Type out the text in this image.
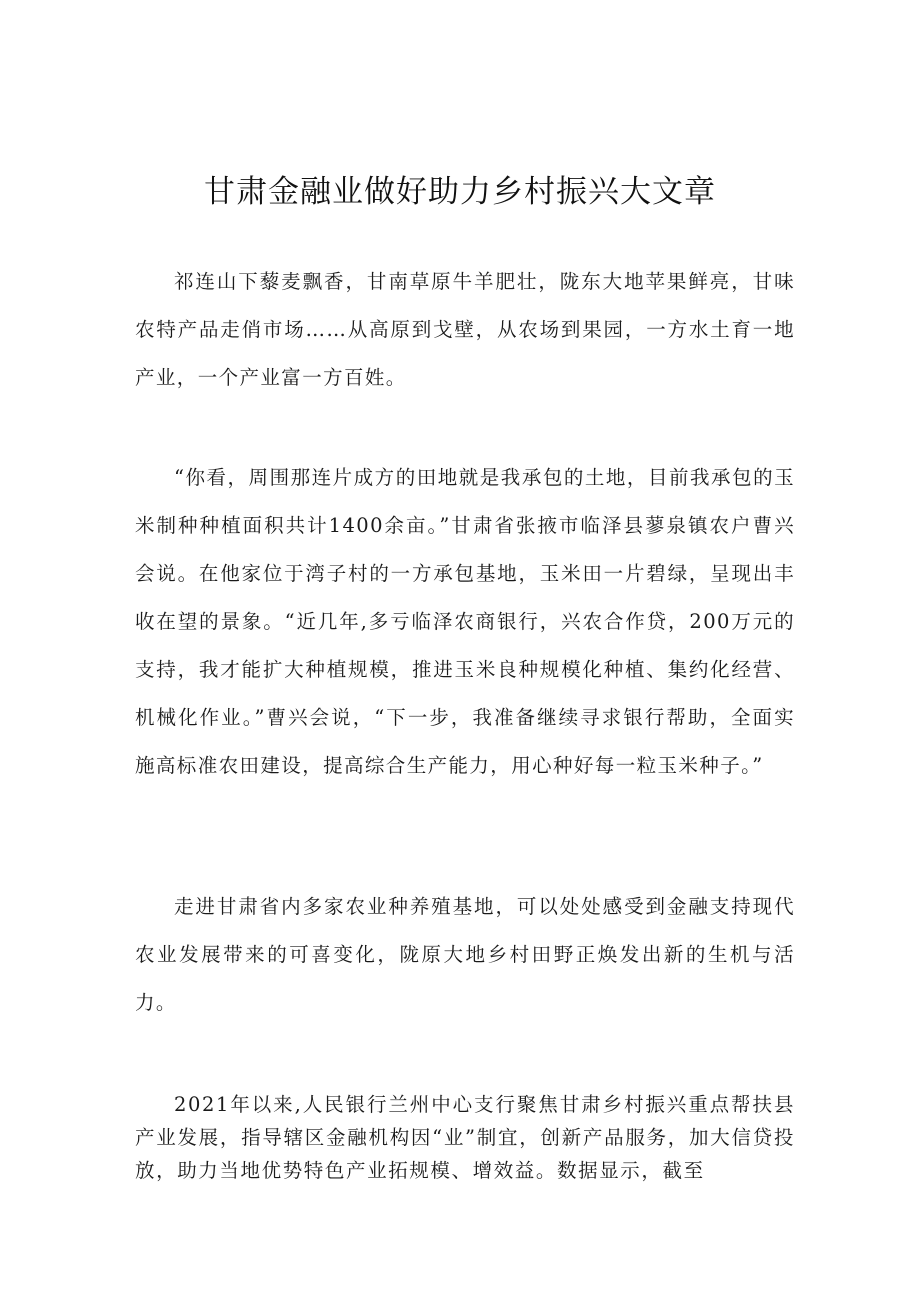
甘肃金融业做好助力乡村振兴大文章

祁连山下藜麦飘香，甘南草原牛羊肥壮，陇东大地苹果鲜亮，甘味农特产品走俏市场……从高原到戈壁，从农场到果园，一方水土育一地产业，一个产业富一方百姓。

“你看，周围那连片成方的田地就是我承包的土地，目前我承包的玉米制种种植面积共计1400余亩。”甘肃省张掖市临泽县蓼泉镇农户曹兴会说。在他家位于湾子村的一方承包基地，玉米田一片碧绿，呈现出丰收在望的景象。“近几年,多亏临泽农商银行，兴农合作贷，200万元的支持，我才能扩大种植规模，推进玉米良种规模化种植、集约化经营、机械化作业。”曹兴会说，“下一步，我准备继续寻求银行帮助，全面实施高标准农田建设，提高综合生产能力，用心种好每一粒玉米种子。”

走进甘肃省内多家农业种养殖基地，可以处处感受到金融支持现代农业发展带来的可喜变化，陇原大地乡村田野正焕发出新的生机与活力。

2021年以来,人民银行兰州中心支行聚焦甘肃乡村振兴重点帮扶县产业发展，指导辖区金融机构因“业”制宜，创新产品服务，加大信贷投放，助力当地优势特色产业拓规模、增效益。数据显示，截至
